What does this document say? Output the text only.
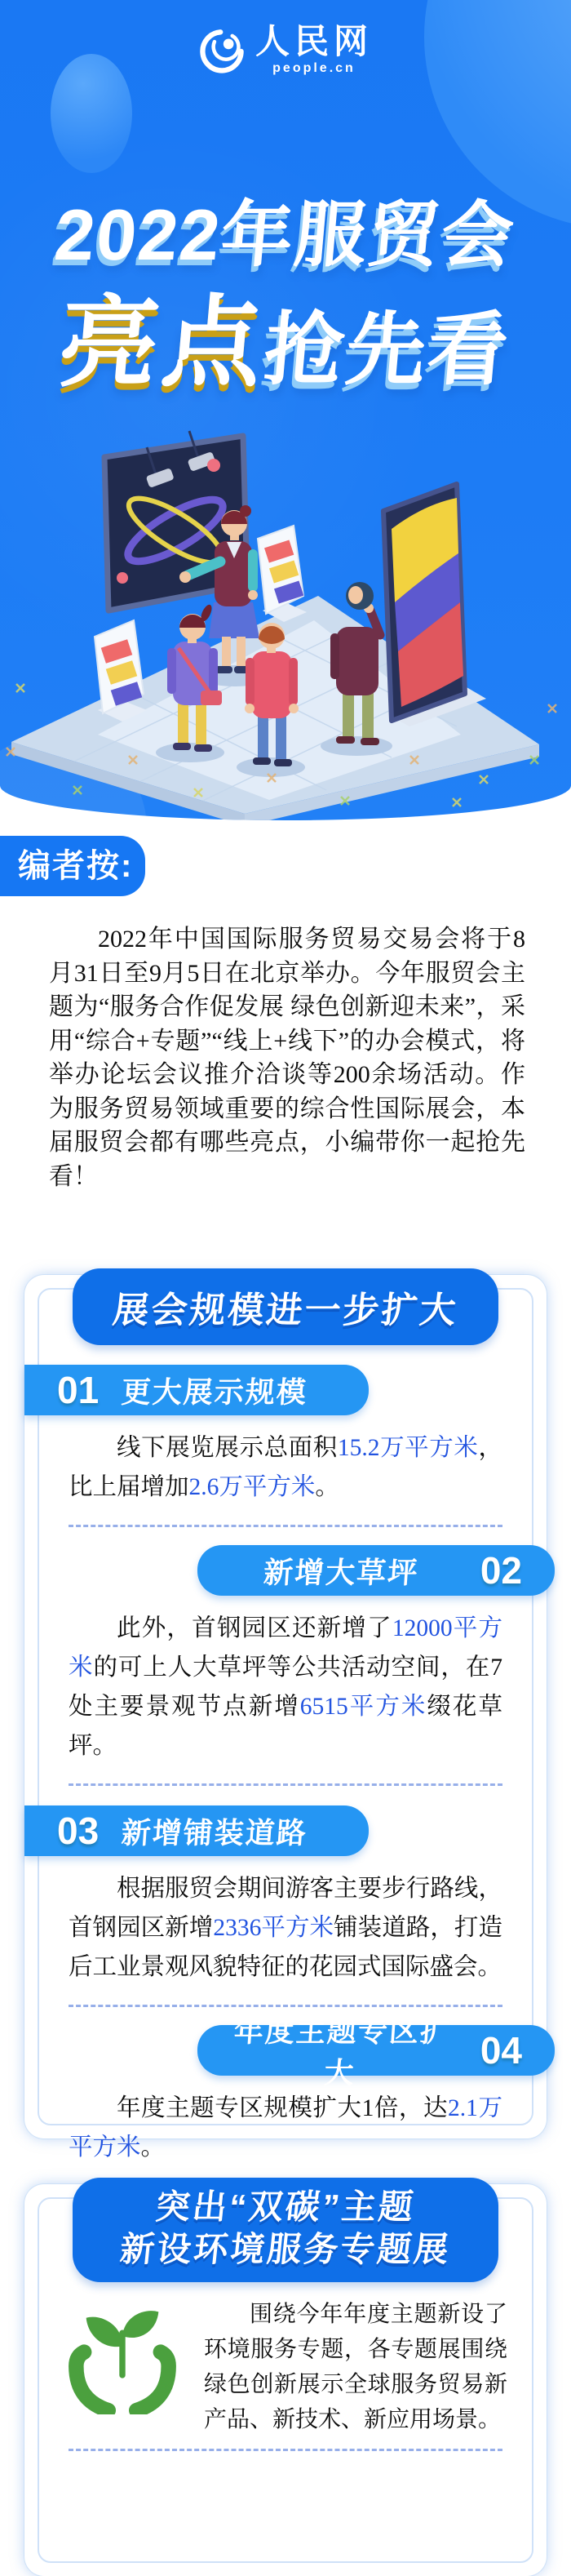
人民网
people.cn
2022年服贸会
亮点抢先看
编者按:

2022年中国国际服务贸易交易会将于8月31日至9月5日在北京举办。今年服贸会主题为“服务合作促发展 绿色创新迎未来”，采用“综合+专题”“线上+线下”的办会模式，将举办论坛会议推介洽谈等200余场活动。作为服务贸易领域重要的综合性国际展会，本届服贸会都有哪些亮点，小编带你一起抢先看！

展会规模进一步扩大
01 更大展示规模

线下展览展示总面积15.2万平方米，比上届增加2.6万平方米。

新增大草坪	02

此外，首钢园区还新增了12000平方米的可上人大草坪等公共活动空间，在7处主要景观节点新增6515平方米缀花草坪。

03 新增铺装道路

根据服贸会期间游客主要步行路线，首钢园区新增2336平方米铺装道路，打造后工业景观风貌特征的花园式国际盛会。

年度主题专区扩大
04

年度主题专区规模扩大1倍，达2.1万平方米。

突出“双碳”主题
新设环境服务专题展

围绕今年年度主题新设了环境服务专题，各专题展围绕绿色创新展示全球服务贸易新产品、新技术、新应用场景。
